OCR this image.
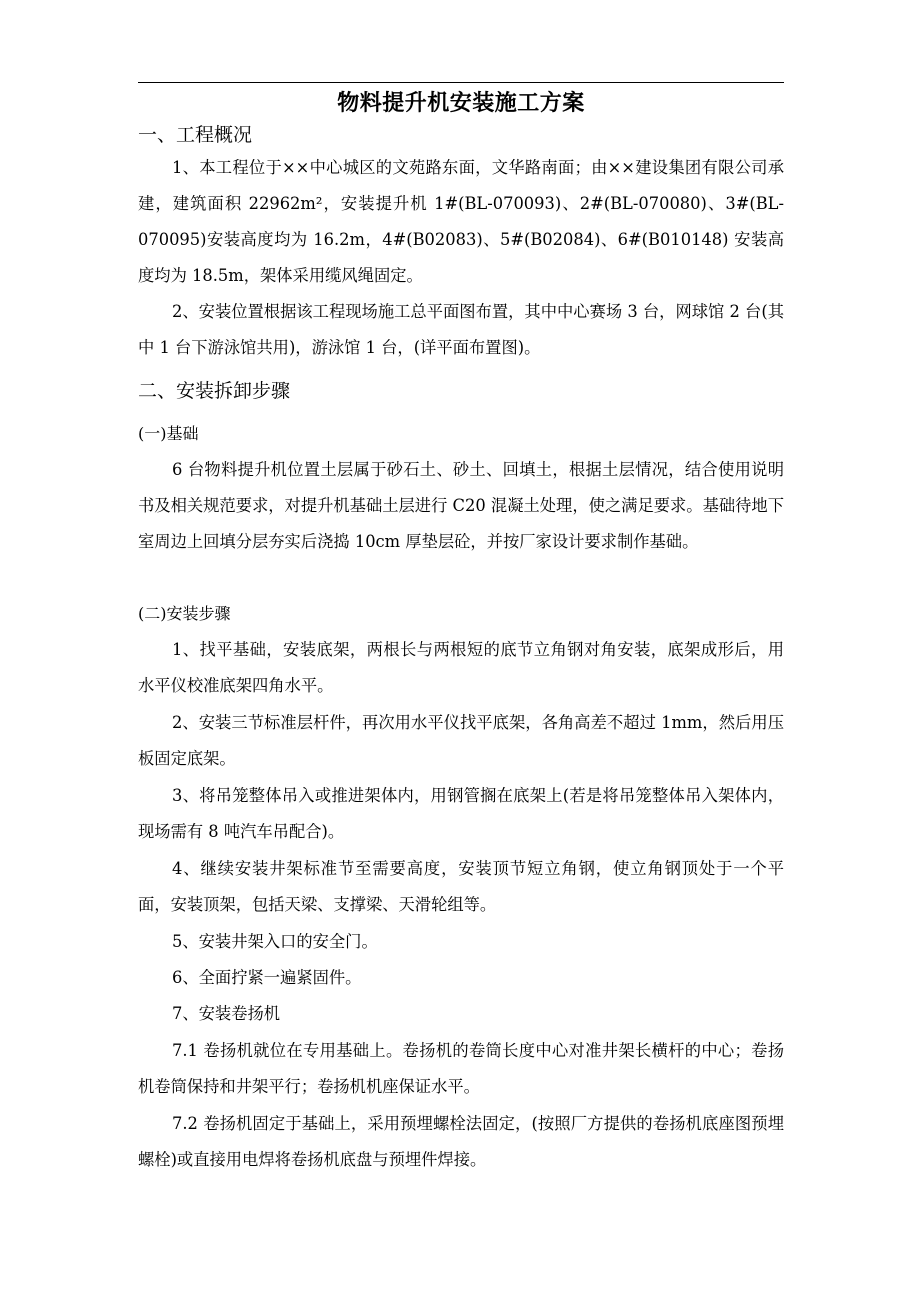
物料提升机安装施工方案
一、工程概况
1、本工程位于××中心城区的文苑路东面，文华路南面；由××建设集团有限公司承建，建筑面积 22962m²，安装提升机 1#(BL-070093)、2#(BL-070080)、3#(BL-070095)安装高度均为 16.2m，4#(B02083)、5#(B02084)、6#(B010148) 安装高度均为 18.5m，架体采用缆风绳固定。
2、安装位置根据该工程现场施工总平面图布置，其中中心赛场 3 台，网球馆 2 台(其中 1 台下游泳馆共用)，游泳馆 1 台，(详平面布置图)。
二、安装拆卸步骤
(一)基础
6 台物料提升机位置土层属于砂石土、砂土、回填土，根据土层情况，结合使用说明书及相关规范要求，对提升机基础土层进行 C20 混凝土处理，使之满足要求。基础待地下室周边上回填分层夯实后浇捣 10cm 厚垫层砼，并按厂家设计要求制作基础。
(二)安装步骤
1、找平基础，安装底架，两根长与两根短的底节立角钢对角安装，底架成形后，用水平仪校准底架四角水平。
2、安装三节标准层杆件，再次用水平仪找平底架，各角高差不超过 1mm，然后用压板固定底架。
3、将吊笼整体吊入或推进架体内，用钢管搁在底架上(若是将吊笼整体吊入架体内，现场需有 8 吨汽车吊配合)。
4、继续安装井架标准节至需要高度，安装顶节短立角钢，使立角钢顶处于一个平面，安装顶架，包括天梁、支撑梁、天滑轮组等。
5、安装井架入口的安全门。
6、全面拧紧一遍紧固件。
7、安装卷扬机
7.1 卷扬机就位在专用基础上。卷扬机的卷筒长度中心对准井架长横杆的中心；卷扬机卷筒保持和井架平行；卷扬机机座保证水平。
7.2 卷扬机固定于基础上，采用预埋螺栓法固定，(按照厂方提供的卷扬机底座图预埋螺栓)或直接用电焊将卷扬机底盘与预埋件焊接。
